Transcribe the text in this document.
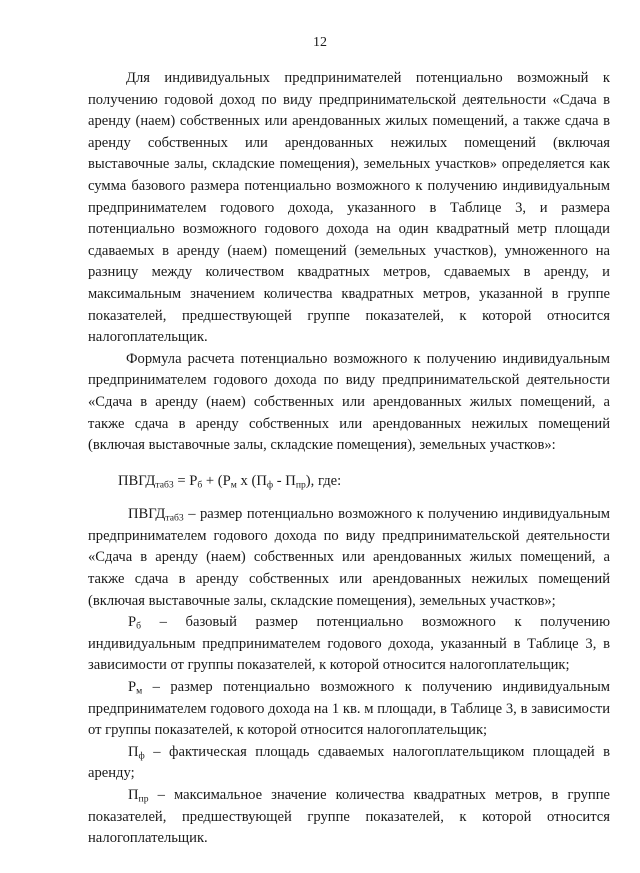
12

Для индивидуальных предпринимателей потенциально возможный к получению годовой доход по виду предпринимательской деятельности «Сдача в аренду (наем) собственных или арендованных жилых помещений, а также сдача в аренду собственных или арендованных нежилых помещений (включая выставочные залы, складские помещения), земельных участков» определяется как сумма базового размера потенциально возможного к получению индивидуальным предпринимателем годового дохода, указанного в Таблице 3, и размера потенциально возможного годового дохода на один квадратный метр площади сдаваемых в аренду (наем) помещений (земельных участков), умноженного на разницу между количеством квадратных метров, сдаваемых в аренду, и максимальным значением количества квадратных метров, указанной в группе показателей, предшествующей группе показателей, к которой относится налогоплательщик.

Формула расчета потенциально возможного к получению индивидуальным предпринимателем годового дохода по виду предпринимательской деятельности «Сдача в аренду (наем) собственных или арендованных жилых помещений, а также сдача в аренду собственных или арендованных нежилых помещений (включая выставочные залы, складские помещения), земельных участков»:

$ПВГД_{таб3} = Р_б + (Р_м$ х $(П_ф - П_{пр})$, где:

$ПВГД_{таб3}$ – размер потенциально возможного к получению индивидуальным предпринимателем годового дохода по виду предпринимательской деятельности «Сдача в аренду (наем) собственных или арендованных жилых помещений, а также сдача в аренду собственных или арендованных нежилых помещений (включая выставочные залы, складские помещения), земельных участков»;

$Р_б$ – базовый размер потенциально возможного к получению индивидуальным предпринимателем годового дохода, указанный в Таблице 3, в зависимости от группы показателей, к которой относится налогоплательщик;

$Р_м$ – размер потенциально возможного к получению индивидуальным предпринимателем годового дохода на 1 кв. м площади, в Таблице 3, в зависимости от группы показателей, к которой относится налогоплательщик;

$П_ф$ – фактическая площадь сдаваемых налогоплательщиком площадей в аренду;

$П_{пр}$ – максимальное значение количества квадратных метров, в группе показателей, предшествующей группе показателей, к которой относится налогоплательщик.
